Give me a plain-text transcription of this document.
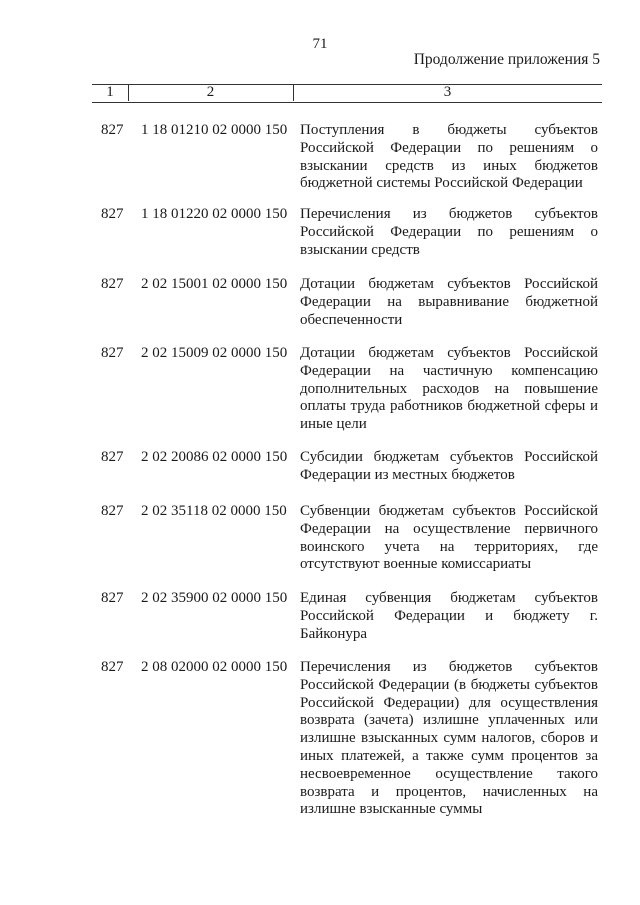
71
Продолжение приложения 5
1	2	3
827 1 18 01210 02 0000 150 Поступления в бюджеты субъектов Российской Федерации по решениям о взыскании средств из иных бюджетов бюджетной системы Российской Федерации
827 1 18 01220 02 0000 150 Перечисления из бюджетов субъектов Российской Федерации по решениям о взыскании средств
827 2 02 15001 02 0000 150 Дотации бюджетам субъектов Российской Федерации на выравнивание бюджетной обеспеченности
827 2 02 15009 02 0000 150 Дотации бюджетам субъектов Российской Федерации на частичную компенсацию дополнительных расходов на повышение оплаты труда работников бюджетной сферы и иные цели
827 2 02 20086 02 0000 150 Субсидии бюджетам субъектов Российской Федерации из местных бюджетов
827 2 02 35118 02 0000 150 Субвенции бюджетам субъектов Российской Федерации на осуществление первичного воинского учета на территориях, где отсутствуют военные комиссариаты
827 2 02 35900 02 0000 150 Единая субвенция бюджетам субъектов Российской Федерации и бюджету г. Байконура
827 2 08 02000 02 0000 150 Перечисления из бюджетов субъектов Российской Федерации (в бюджеты субъектов Российской Федерации) для осуществления возврата (зачета) излишне уплаченных или излишне взысканных сумм налогов, сборов и иных платежей, а также сумм процентов за несвоевременное осуществление такого возврата и процентов, начисленных на излишне взысканные суммы
